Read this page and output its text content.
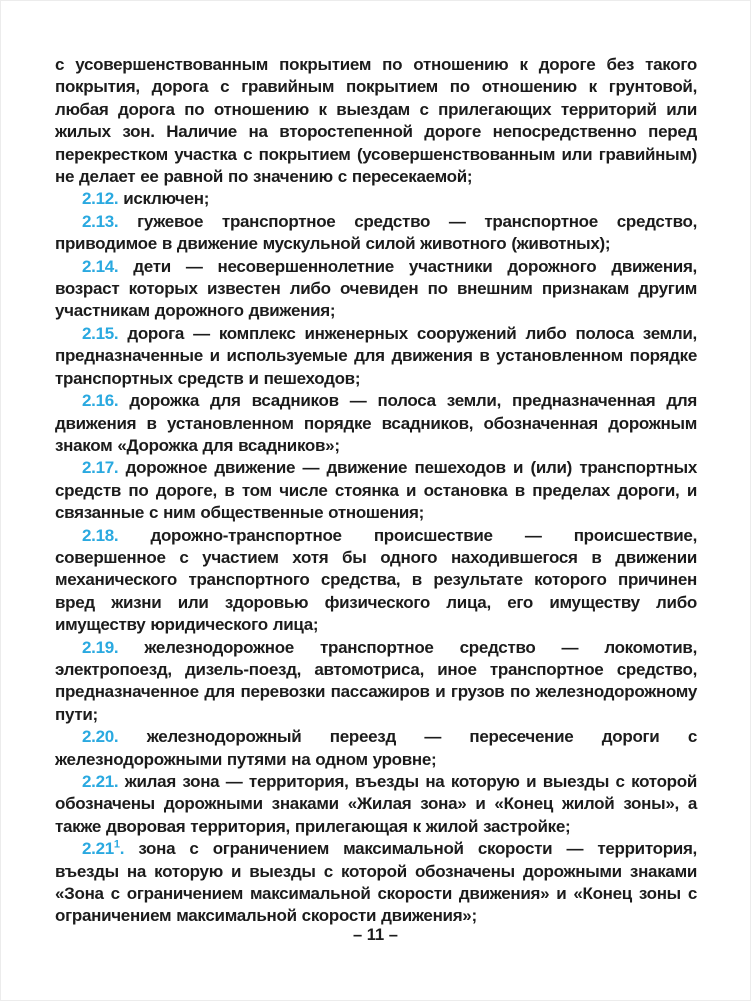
с усовершенствованным покрытием по отношению к дороге без такого покрытия, дорога с гравийным покрытием по отношению к грунтовой, любая дорога по отношению к выездам с прилегающих территорий или жилых зон. Наличие на второстепенной дороге непосредственно перед перекрестком участка с покрытием (усовершенствованным или гравийным) не делает ее равной по значению с пересекаемой;

2.12. исключен;

2.13. гужевое транспортное средство — транспортное средство, приводимое в движение мускульной силой животного (животных);

2.14. дети — несовершеннолетние участники дорожного движения, возраст которых известен либо очевиден по внешним признакам другим участникам дорожного движения;

2.15. дорога — комплекс инженерных сооружений либо полоса земли, предназначенные и используемые для движения в установленном порядке транспортных средств и пешеходов;

2.16. дорожка для всадников — полоса земли, предназначенная для движения в установленном порядке всадников, обозначенная дорожным знаком «Дорожка для всадников»;

2.17. дорожное движение — движение пешеходов и (или) транспортных средств по дороге, в том числе стоянка и остановка в пределах дороги, и связанные с ним общественные отношения;

2.18. дорожно-транспортное происшествие — происшествие, совершенное с участием хотя бы одного находившегося в движении механического транспортного средства, в результате которого причинен вред жизни или здоровью физического лица, его имуществу либо имуществу юридического лица;

2.19. железнодорожное транспортное средство — локомотив, электропоезд, дизель-поезд, автомотриса, иное транспортное средство, предназначенное для перевозки пассажиров и грузов по железнодорожному пути;

2.20. железнодорожный переезд — пересечение дороги с железнодорожными путями на одном уровне;

2.21. жилая зона — территория, въезды на которую и выезды с которой обозначены дорожными знаками «Жилая зона» и «Конец жилой зоны», а также дворовая территория, прилегающая к жилой застройке;

2.21$^1$. зона с ограничением максимальной скорости — территория, въезды на которую и выезды с которой обозначены дорожными знаками «Зона с ограничением максимальной скорости движения» и «Конец зоны с ограничением максимальной скорости движения»;

– 11 –
